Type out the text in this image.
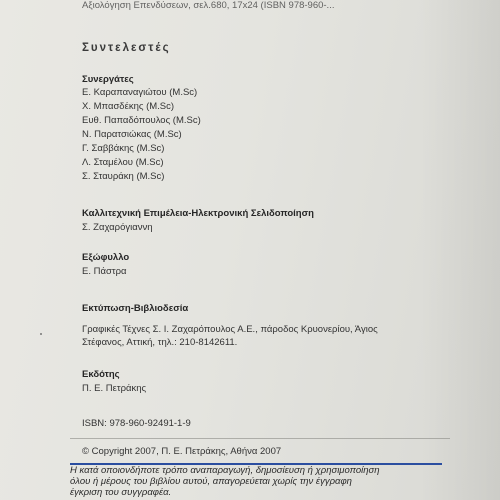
Αξιολόγηση Επενδύσεων, σελ.680, 17x24 (ISBN 978-960-...
Συντελεστές
Συνεργάτες
Ε. Καραπαναγιώτου (M.Sc)
Χ. Μπασδέκης (M.Sc)
Ευθ. Παπαδόπουλος (M.Sc)
Ν. Παρατσιώκας (M.Sc)
Γ. Σαββάκης (M.Sc)
Λ. Σταμέλου (M.Sc)
Σ. Σταυράκη (M.Sc)
Καλλιτεχνική Επιμέλεια-Ηλεκτρονική Σελιδοποίηση
Σ. Ζαχαρόγιαννη
Εξώφυλλο
Ε. Πάστρα
Εκτύπωση-Βιβλιοδεσία
Γραφικές Τέχνες Σ. Ι. Ζαχαρόπουλος Α.Ε., πάροδος Κρυονερίου, Άγιος
Στέφανος, Αττική, τηλ.: 210-8142611.
Εκδότης
Π. Ε. Πετράκης
ISBN: 978-960-92491-1-9
© Copyright 2007, Π. Ε. Πετράκης, Αθήνα 2007
Η κατά οποιονδήποτε τρόπο αναπαραγωγή, δημοσίευση ή χρησιμοποίηση
όλου ή μέρους του βιβλίου αυτού, απαγορεύεται χωρίς την έγγραφη
έγκριση του συγγραφέα.
